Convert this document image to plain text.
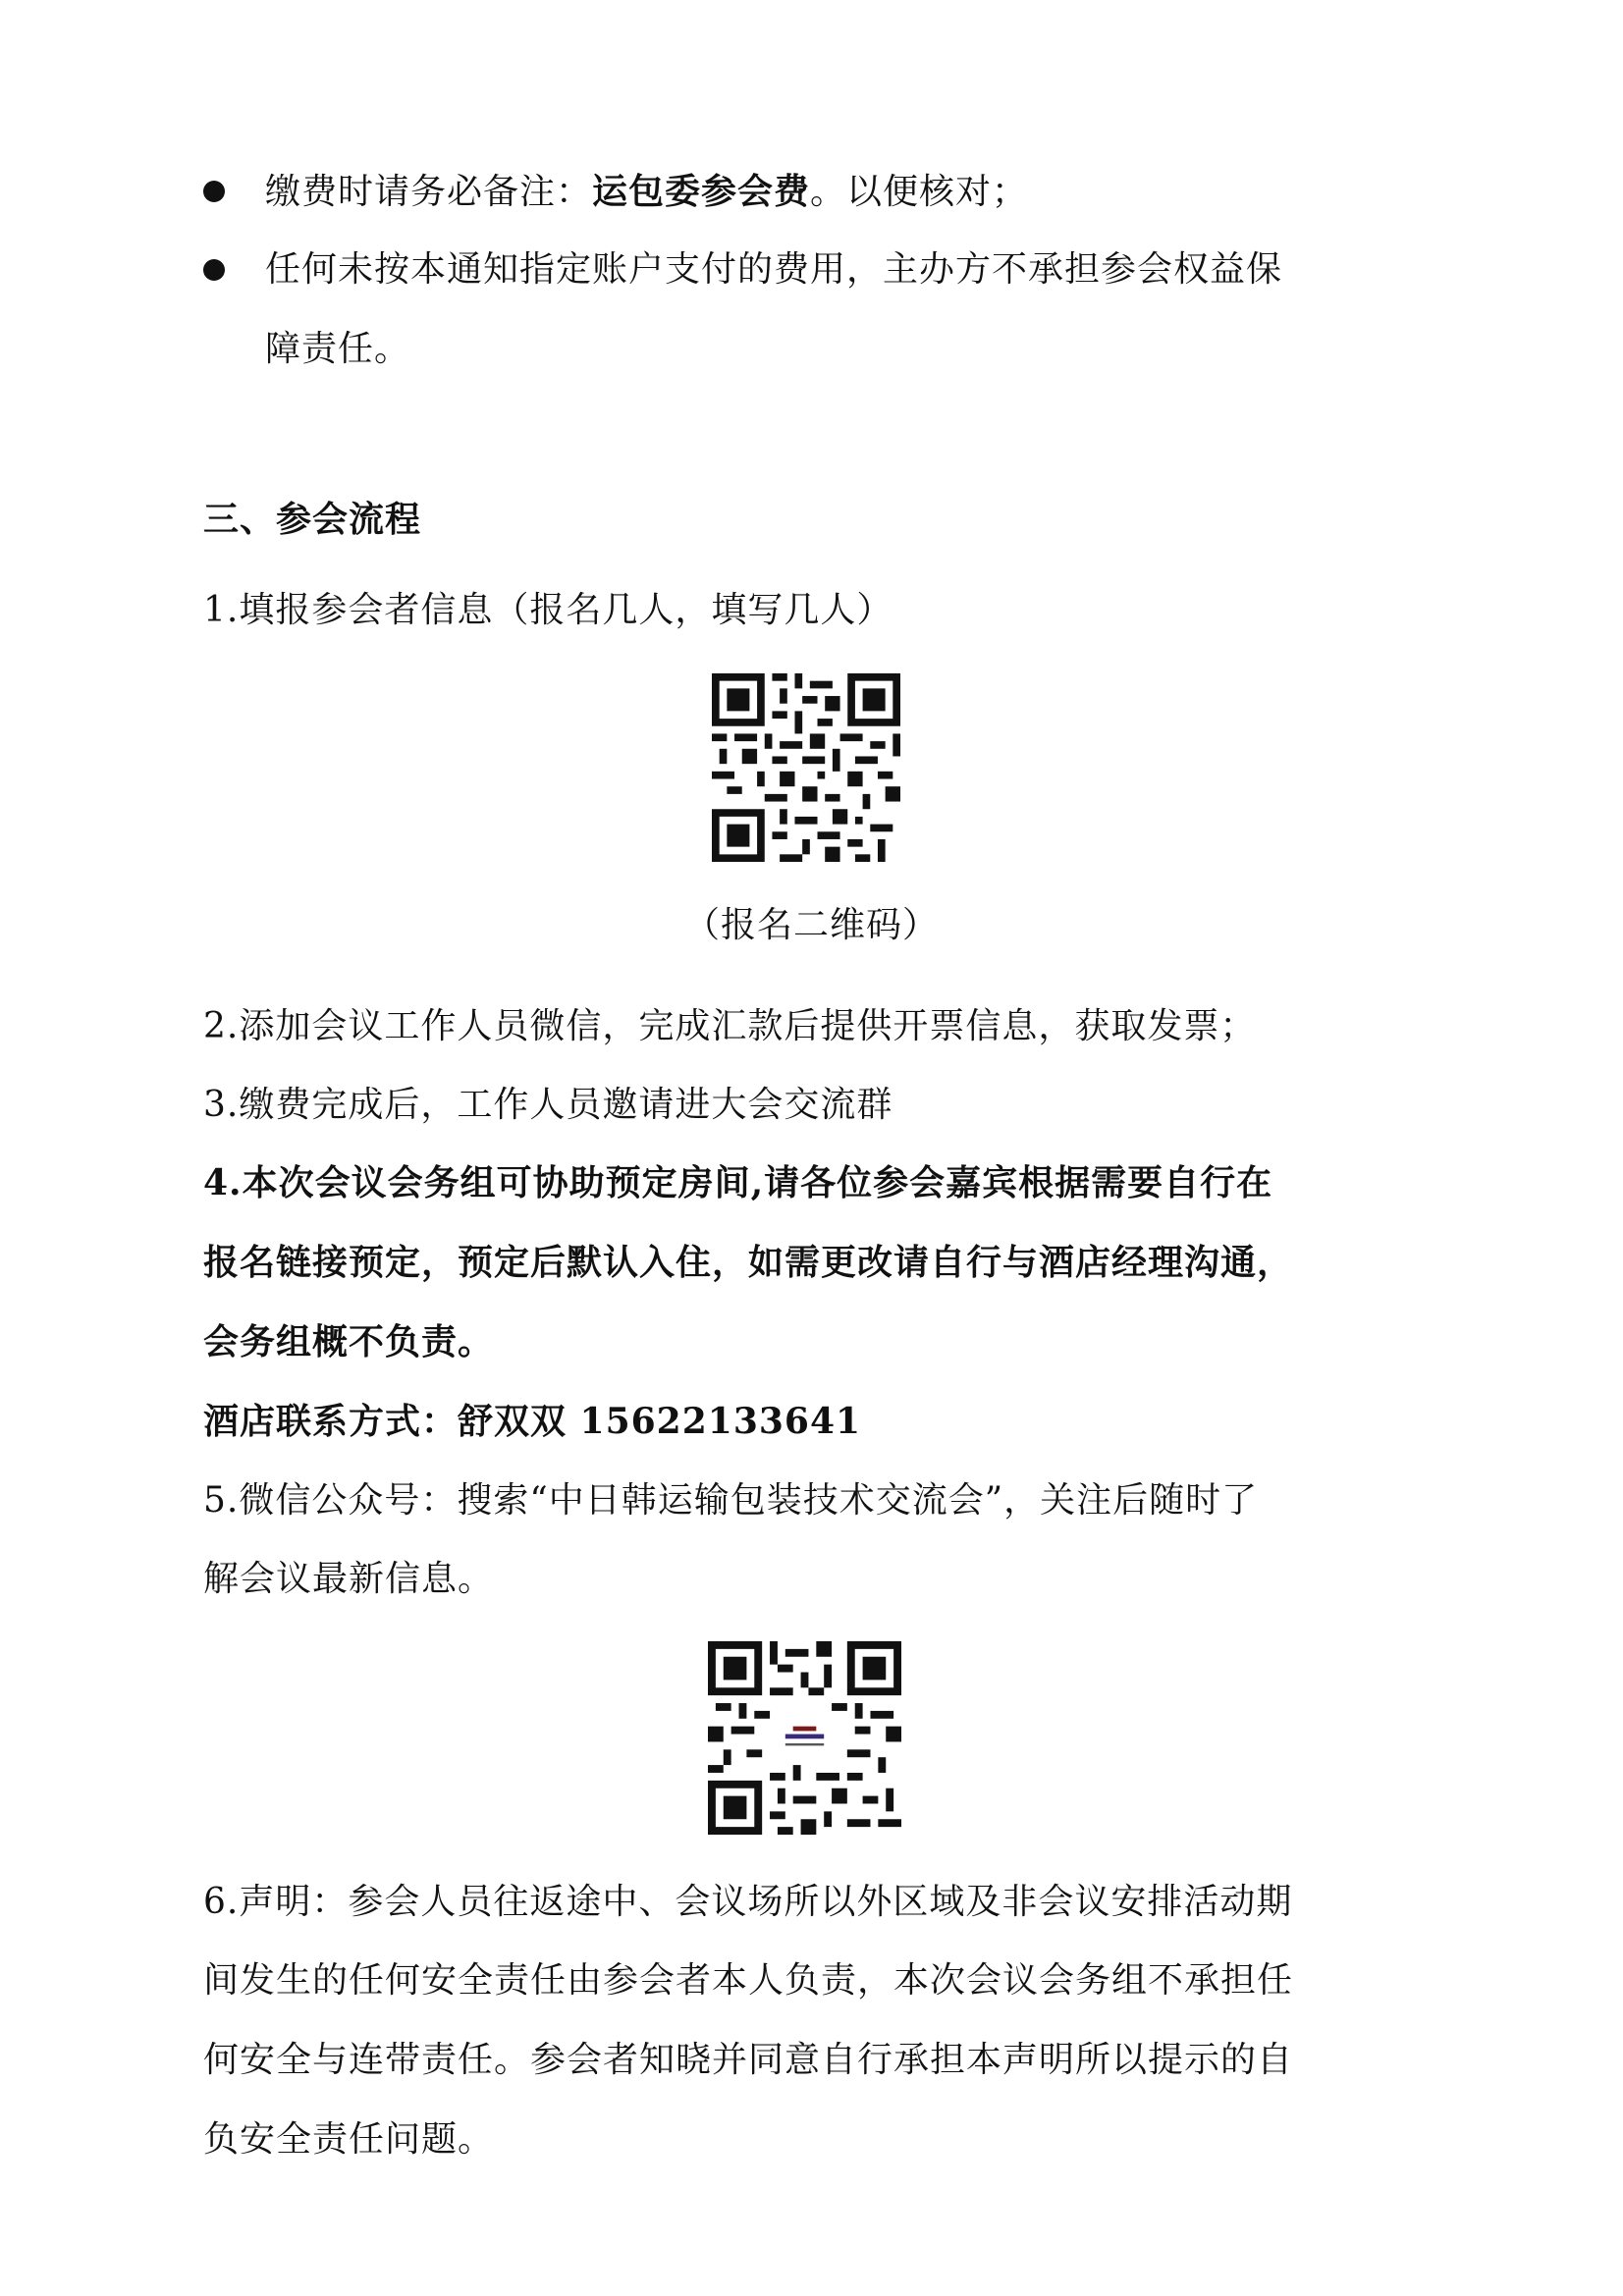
缴费时请务必备注：运包委参会费。以便核对；
任何未按本通知指定账户支付的费用，主办方不承担参会权益保
障责任。
三、参会流程
1.填报参会者信息（报名几人，填写几人）
（报名二维码）
2.添加会议工作人员微信，完成汇款后提供开票信息，获取发票；
3.缴费完成后，工作人员邀请进大会交流群
4.本次会议会务组可协助预定房间,请各位参会嘉宾根据需要自行在
报名链接预定，预定后默认入住，如需更改请自行与酒店经理沟通，
会务组概不负责。
酒店联系方式：舒双双 15622133641
5.微信公众号：搜索“中日韩运输包装技术交流会”，关注后随时了
解会议最新信息。
6.声明：参会人员往返途中、会议场所以外区域及非会议安排活动期
间发生的任何安全责任由参会者本人负责，本次会议会务组不承担任
何安全与连带责任。参会者知晓并同意自行承担本声明所以提示的自
负安全责任问题。
